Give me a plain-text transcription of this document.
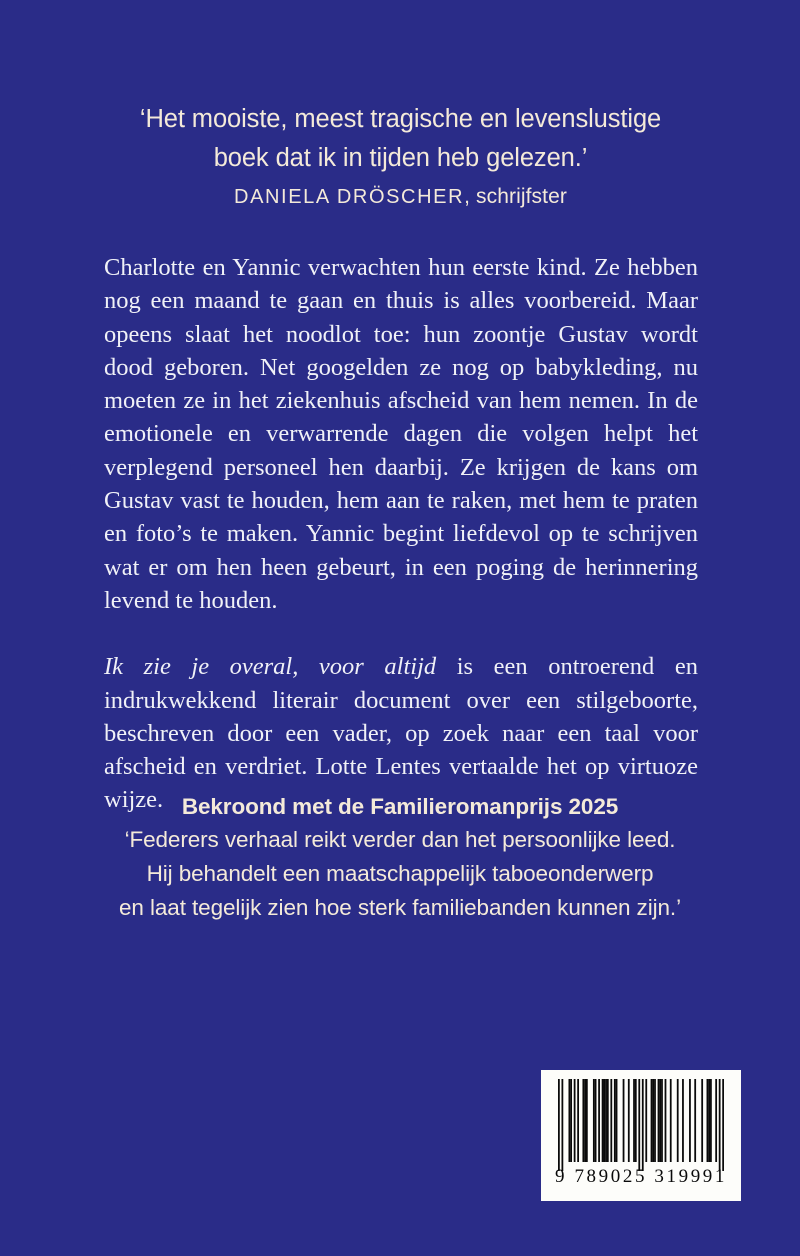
‘Het mooiste, meest tragische en levenslustige
boek dat ik in tijden heb gelezen.’
DANIELA DRÖSCHER, schrijfster

Charlotte en Yannic verwachten hun eerste kind. Ze hebben nog een maand te gaan en thuis is alles voorbereid. Maar opeens slaat het noodlot toe: hun zoontje Gustav wordt dood geboren. Net googelden ze nog op babykleding, nu moeten ze in het ziekenhuis afscheid van hem nemen. In de emotionele en verwarrende dagen die volgen helpt het verplegend personeel hen daarbij. Ze krijgen de kans om Gustav vast te houden, hem aan te raken, met hem te praten en foto’s te maken. Yannic begint liefdevol op te schrijven wat er om hen heen gebeurt, in een poging de herinnering levend te houden.

Ik zie je overal, voor altijd is een ontroerend en indrukwekkend literair document over een stilgeboorte, beschreven door een vader, op zoek naar een taal voor afscheid en verdriet. Lotte Lentes vertaalde het op virtuoze wijze. Bekroond met de Familieromanprijs 2025
‘Federers verhaal reikt verder dan het persoonlijke leed.
Hij behandelt een maatschappelijk taboeonderwerp
en laat tegelijk zien hoe sterk familiebanden kunnen zijn.’
9 789025 319991
